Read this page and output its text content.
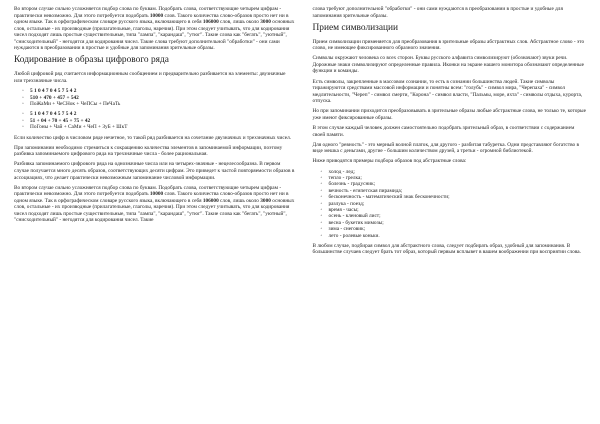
Во втором случае сильно усложняется подбор слова по буквам. Подобрать слова, соответствующие четырем цифрам - практически невозможно. Для этого потребуется подобрать 10000 слов. Такого количества слово-образов просто нет ни в одном языке. Так в орфографическом словаре русского языка, включающего в себя 106000 слов, лишь около 3000 основных слов, остальные - их производные (прилагательные, глаголы, наречия). При этом следует учитывать, что для кодирования чисел подходят лишь простые существительные, типа "лампа", "карандаш", "утюг". Такие слова как "бегать", "уютный", "снисходительный" - негодятся для кодирования чисел. Такие слова требуют дополнительной "обработки" - они сами нуждаются в преобразовании в простые и удобные для запоминания зрительные образы.

Кодирование в образы цифрового ряда

Любой цифровой ряд считается информационным сообщением и предварительно разбивается на элементы: двузначные или трехзначные числа.

◦ 5 1 0 4 7 0 4 5 7 5 4 2
◦ 510 + 470 + 457 + 542
◦ ПоЖаМи + ЧеСНок + ЧеПСы + ПеЧаТь
◦ 5 1 0 4 7 0 4 5 7 5 4 2
◦ 51 + 04 + 70 + 45 + 75 + 42
◦ ПоГоны + Чай + СаМи + ЧеП + ЗуБ + ШкТ

Если количество цифр в числовом ряде нечетное, то такой ряд разбивается на сочетание двузначных и трехзначных чисел.

При запоминании необходимо стремиться к сокращению количества элементов в запоминаемой информации, поэтому разбивка запоминаемого цифрового ряда на трехзначные числа - более рациональная.

Разбивка запоминаемого цифрового ряда на однозначные числа или на четырех-значные - нецелесообразна. В первом случае получается много десять образов, соответствующих десяти цифрам. Это приведет к частой повторяемости образов в ассоциациях, что делает практически невозможным запоминание числовой информации.

Во втором случае сильно усложняется подбор слова по буквам. Подобрать слова, соответствующие четырем цифрам - практически невозможно. Для этого потребуется подобрать 10000 слов. Такого количества слово-образов просто нет ни в одном языке. Так в орфографическом словаре русского языка, включающего в себя 106000 слов, лишь около 3000 основных слов, остальные - их производные (прилагательные, глаголы, наречия). При этом следует учитывать, что для кодирования чисел подходят лишь простые существительные, типа "лампа", "карандаш", "утюг". Такие слова как "бегать", "уютный", "снисходительный" - негодятся для кодирования чисел. Такие

слова требуют дополнительной "обработки" - они сами нуждаются в преобразовании в простые и удобные для запоминания зрительные образы.

Прием символизации

Прием символизации применяется для преобразования в зрительные образы абстрактных слов. Абстрактное слово - это слово, не имеющее фиксированного образного значения.

Символы окружают человека со всех сторон. Буквы русского алфавита символизируют (обозначают) звуки речи. Дорожные знаки символизируют определенные правила. Иконки на экране нашего монитора обозначают определенные функции и команды.

Есть символы, закрепленные в массовом сознании, то есть в сознании большинства людей. Такие символы тиражируются средствами массовой информации и понятны всем: "голубь" - символ мира, "Черепаха" - символ медлительности, "Череп" - символ смерти, "Корона" - символ власти, "Пальмы, море, яхта" - символы отдыха, курорта, отпуска.

Но при запоминании приходится преобразовывать в зрительные образы любые абстрактные слова, не только те, которые уже имеют фиксированные образы.

В этом случае каждый человек должен самостоятельно подобрать зрительный образ, в соответствии с содержанием своей памяти.

Для одного "ревность" - это мерный волной платок, для другого - разбитая табуретка. Одни представляют богатство в виде мешка с деньгами, другие - большим количеством друзей, а третьи - огромной библиотекой.

Ниже приводятся примеры подбора образов под абстрактные слова:

◦ холод - лед;
◦ тепло - грелка;
◦ болезнь - градусник;
◦ вечность - египетская пирамида;
◦ бесконечность - математический знак бесконечности;
◦ разлука - поезд;
◦ время - часы;
◦ осень - кленовый лист;
◦ весна - букетик мимозы;
◦ зима - снеговик;
◦ лето - ролевые коньки.

В любом случае, подбирая символ для абстрактного слова, следует подбирать образ, удобный для запоминания. В большинстве случаев следует брать тот образ, который первым всплывет в вашем воображении при восприятии слова.
